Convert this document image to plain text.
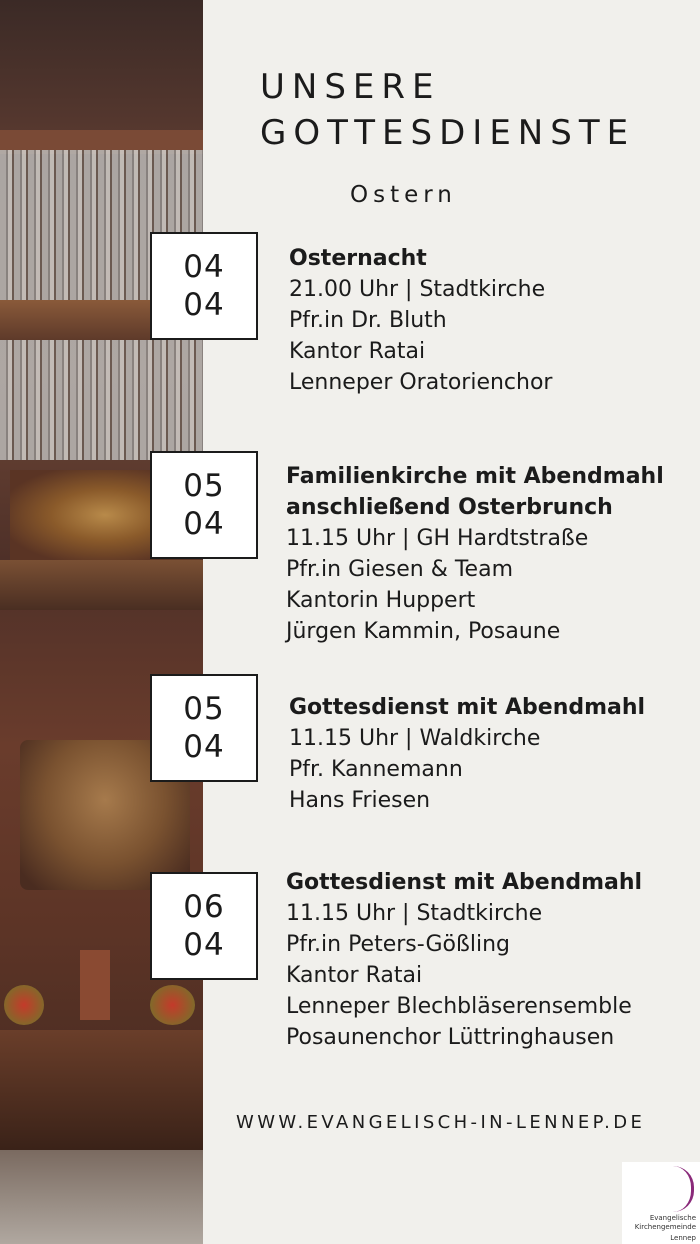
UNSERE
GOTTESDIENSTE
Ostern
04
04
Osternacht
21.00 Uhr | Stadtkirche
Pfr.in Dr. Bluth
Kantor Ratai
Lenneper Oratorienchor
05
04
Familienkirche mit Abendmahl
anschließend Osterbrunch
11.15 Uhr | GH Hardtstraße
Pfr.in Giesen & Team
Kantorin Huppert
Jürgen Kammin, Posaune
05
04
Gottesdienst mit Abendmahl
11.15 Uhr | Waldkirche
Pfr. Kannemann
Hans Friesen
06
04
Gottesdienst mit Abendmahl
11.15 Uhr | Stadtkirche
Pfr.in Peters-Gößling
Kantor Ratai
Lenneper Blechbläserensemble
Posaunenchor Lüttringhausen
WWW.EVANGELISCH-IN-LENNEP.DE
Evangelische
Kirchengemeinde
Lennep
